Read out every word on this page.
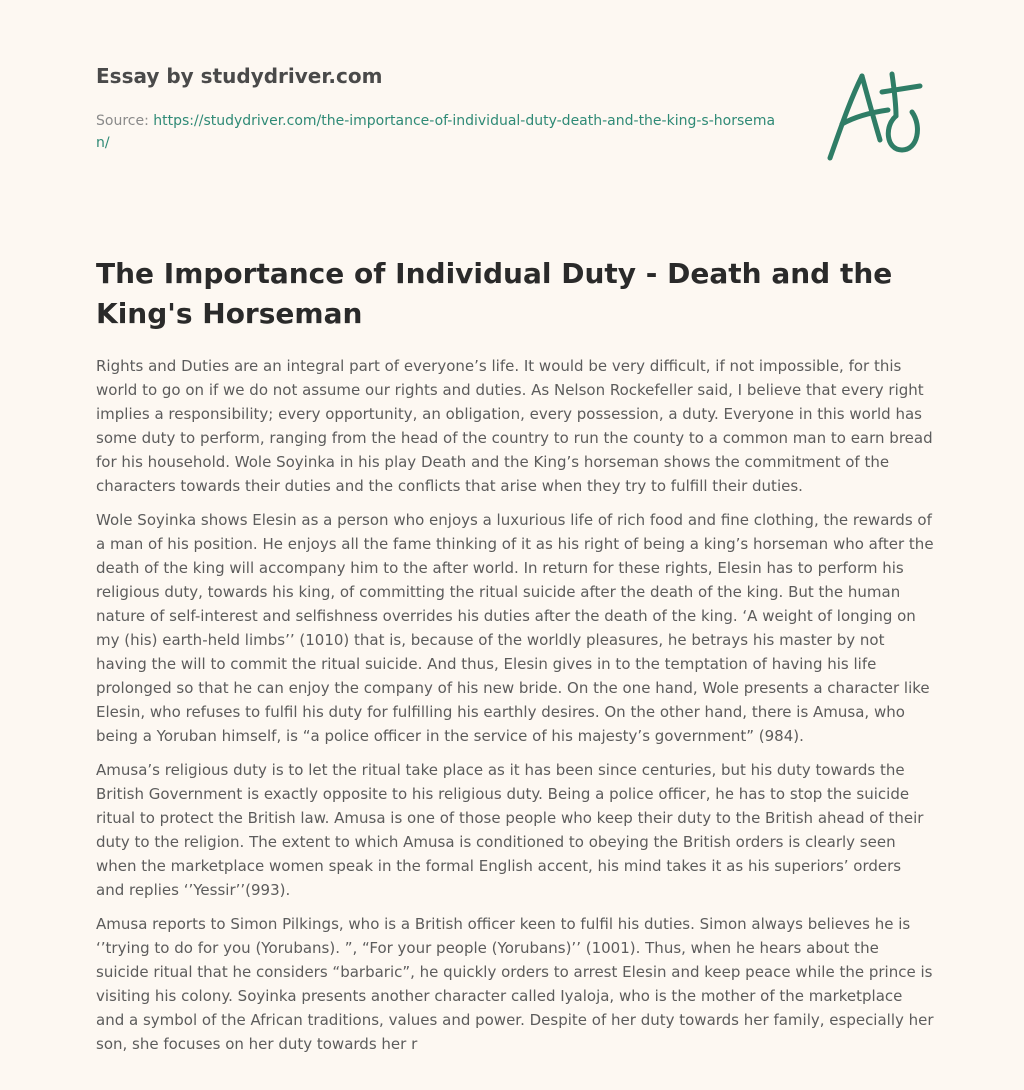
Essay by studydriver.com
Source: https://studydriver.com/the-importance-of-individual-duty-death-and-the-king-s-horseman/
The Importance of Individual Duty - Death and the King's Horseman

Rights and Duties are an integral part of everyone’s life. It would be very difficult, if not impossible, for this world to go on if we do not assume our rights and duties. As Nelson Rockefeller said, I believe that every right implies a responsibility; every opportunity, an obligation, every possession, a duty. Everyone in this world has some duty to perform, ranging from the head of the country to run the county to a common man to earn bread for his household. Wole Soyinka in his play Death and the King’s horseman shows the commitment of the characters towards their duties and the conflicts that arise when they try to fulfill their duties.

Wole Soyinka shows Elesin as a person who enjoys a luxurious life of rich food and fine clothing, the rewards of a man of his position. He enjoys all the fame thinking of it as his right of being a king’s horseman who after the death of the king will accompany him to the after world. In return for these rights, Elesin has to perform his religious duty, towards his king, of committing the ritual suicide after the death of the king. But the human nature of self-interest and selfishness overrides his duties after the death of the king. ‘A weight of longing on my (his) earth-held limbs’’ (1010) that is, because of the worldly pleasures, he betrays his master by not having the will to commit the ritual suicide. And thus, Elesin gives in to the temptation of having his life prolonged so that he can enjoy the company of his new bride. On the one hand, Wole presents a character like Elesin, who refuses to fulfil his duty for fulfilling his earthly desires. On the other hand, there is Amusa, who being a Yoruban himself, is “a police officer in the service of his majesty’s government” (984).

Amusa’s religious duty is to let the ritual take place as it has been since centuries, but his duty towards the British Government is exactly opposite to his religious duty. Being a police officer, he has to stop the suicide ritual to protect the British law. Amusa is one of those people who keep their duty to the British ahead of their duty to the religion. The extent to which Amusa is conditioned to obeying the British orders is clearly seen when the marketplace women speak in the formal English accent, his mind takes it as his superiors’ orders and replies ‘’Yessir’’(993).

Amusa reports to Simon Pilkings, who is a British officer keen to fulfil his duties. Simon always believes he is ‘’trying to do for you (Yorubans). ”, “For your people (Yorubans)’’ (1001). Thus, when he hears about the suicide ritual that he considers “barbaric”, he quickly orders to arrest Elesin and keep peace while the prince is visiting his colony. Soyinka presents another character called Iyaloja, who is the mother of the marketplace and a symbol of the African traditions, values and power. Despite of her duty towards her family, especially her son, she focuses on her duty towards her r
